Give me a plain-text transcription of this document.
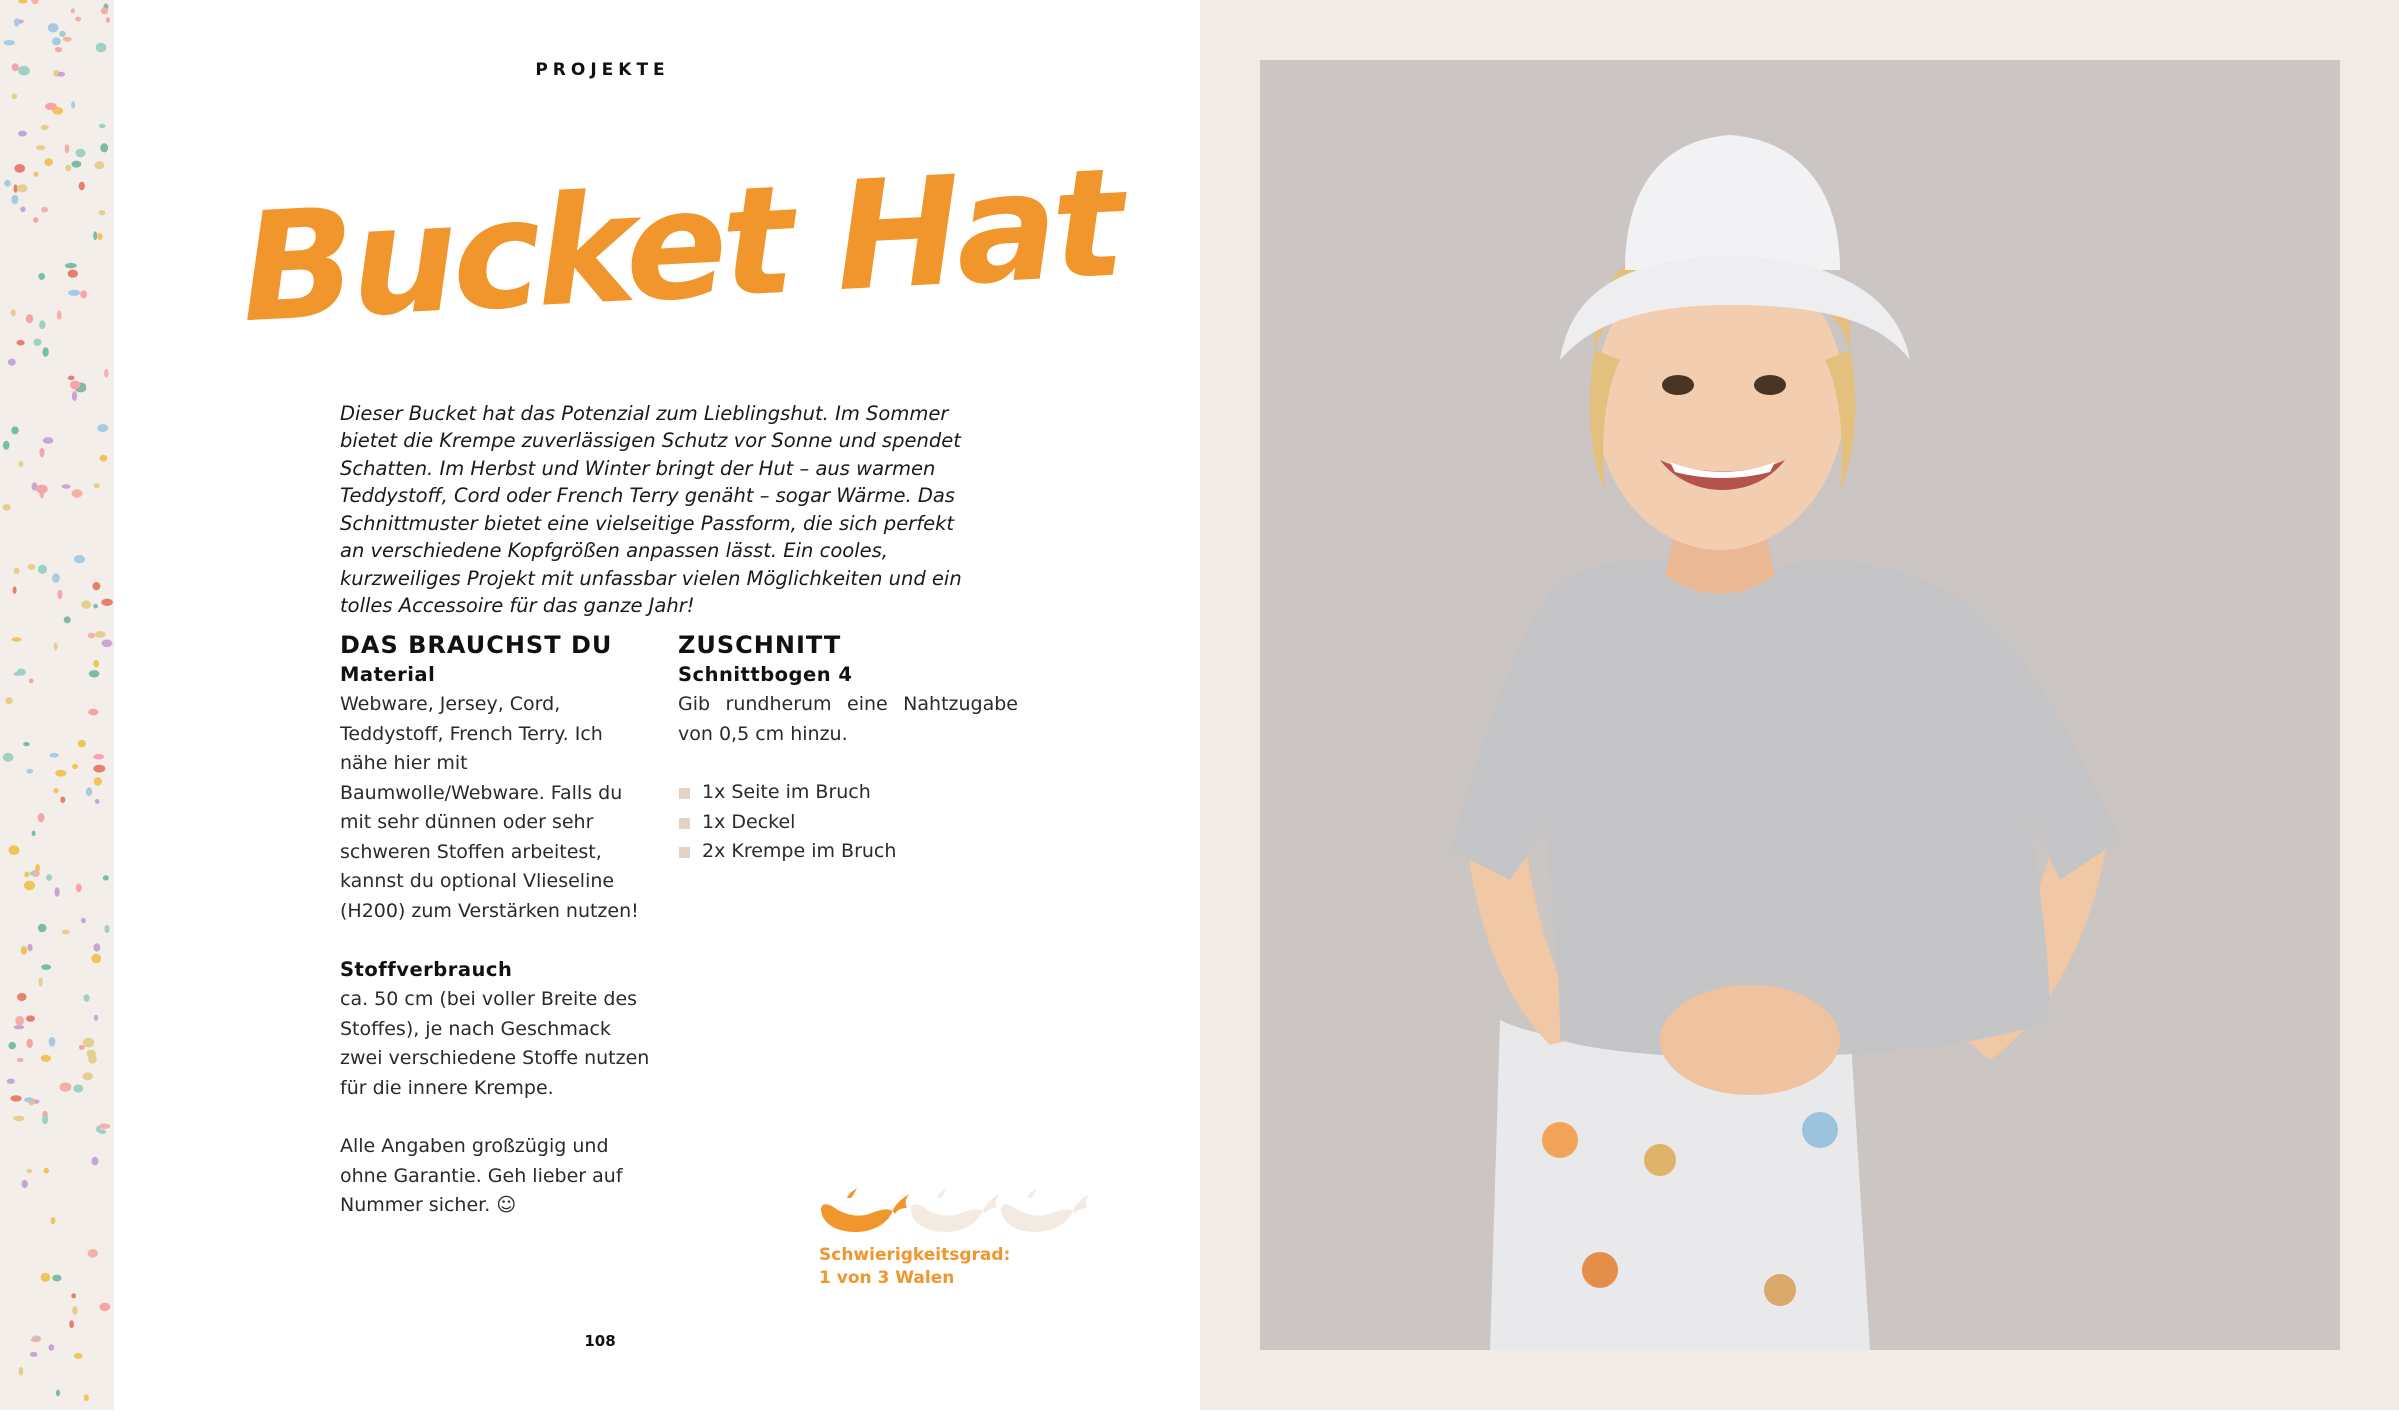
PROJEKTE
Bucket Hat

Dieser Bucket hat das Potenzial zum Lieblingshut. Im Sommer bietet die Krempe zuverlässigen Schutz vor Sonne und spendet Schatten. Im Herbst und Winter bringt der Hut – aus warmen Teddystoff, Cord oder French Terry genäht – sogar Wärme. Das Schnittmuster bietet eine vielseitige Passform, die sich perfekt an verschiedene Kopfgrößen anpassen lässt. Ein cooles, kurzweiliges Projekt mit unfassbar vielen Möglichkeiten und ein tolles Accessoire für das ganze Jahr!

DAS BRAUCHST DU
Material

Webware, Jersey, Cord, Teddystoff, French Terry. Ich nähe hier mit Baumwolle/Webware. Falls du mit sehr dünnen oder sehr schweren Stoffen arbeitest, kannst du optional Vlieseline (H200) zum Verstärken nutzen!

Stoffverbrauch

ca. 50 cm (bei voller Breite des Stoffes), je nach Geschmack zwei verschiedene Stoffe nutzen für die innere Krempe.

Alle Angaben großzügig und ohne Garantie. Geh lieber auf Nummer sicher. ☺

ZUSCHNITT
Schnittbogen 4

Gib rundherum eine Nahtzugabe von 0,5 cm hinzu.

1x Seite im Bruch
1x Deckel
2x Krempe im Bruch
Schwierigkeitsgrad:
1 von 3 Walen
108
